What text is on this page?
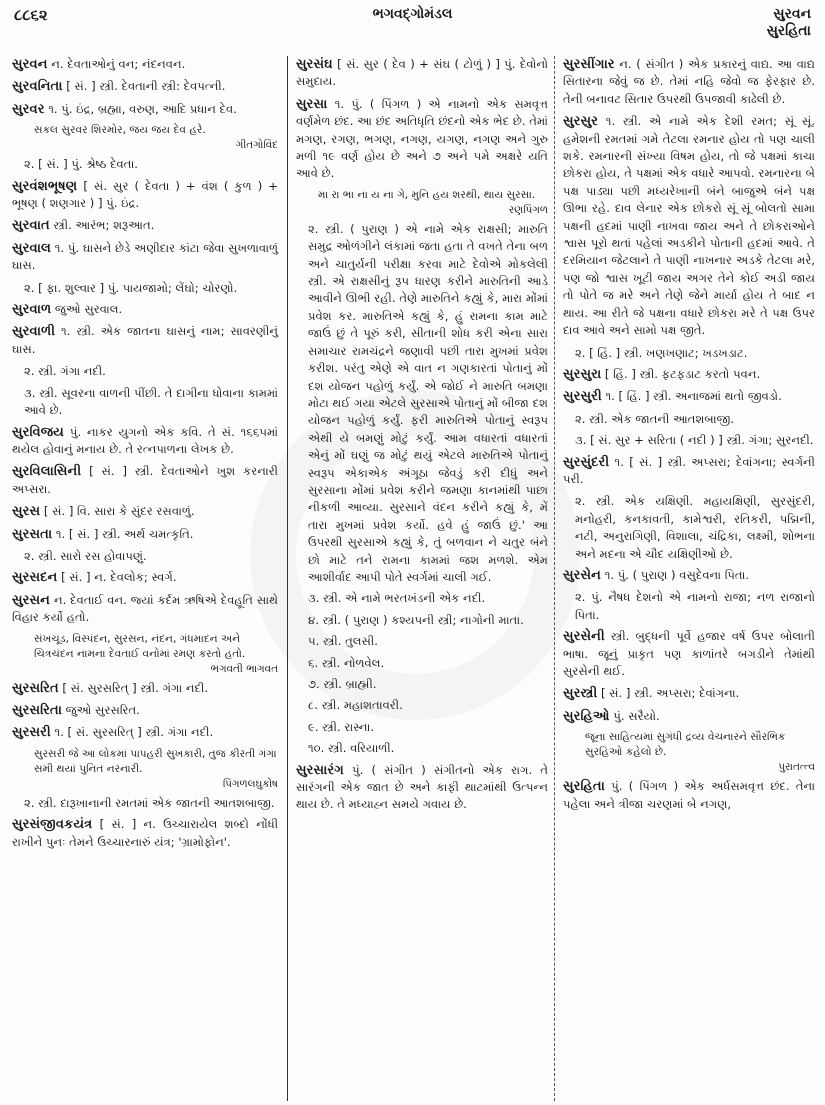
૮૮૬૨	ભગવદ્ગોમંડલ	સુરવન
સુરહિતા
સુરવન ન. દેવતાઓનું વન; નંદનવન.
સુરવનિતા [ સં. ] સ્ત્રી. દેવતાની સ્ત્રી: દેવપત્ની.
સુરવર ૧. પું. ઇંદ્ર, બ્રહ્મા, વરુણ, આદિ પ્રધાન દેવ.
સકલ સુરવર શિરમોર, જય જય દેવ હરે.
ગીતગોવિંદ
૨. [ સં. ] પું. શ્રેષ્ઠ દેવતા.
સુરવંશભૂષણ [ સં. સુર ( દેવતા ) + વંશ ( કુળ ) + ભૂષણ ( શણગાર ) ] પું. ઇંદ્ર.
સુરવાત સ્ત્રી. આરંભ; શરૂઆત.
સુરવાલ ૧. પું. ઘાસને છેડે અણીદાર કાંટા જેવા સુખળાવાળું ઘાસ.
૨. [ ફા. શુલ્વાર ] પું. પાયજામો; લેંઘો; ચોરણો.
સુરવાળ જુઓ સુરવાલ.
સુરવાળી ૧. સ્ત્રી. એક જાતના ઘાસનું નામ; સાવરણીનું ઘાસ.
૨. સ્ત્રી. ગંગા નદી.
૩. સ્ત્રી. સૂવરના વાળની પીંછી. તે દાગીના ધોવાના કામમાં આવે છે.
સુરવિજય પું. નાકર યુગનો એક કવિ. તે સં. ૧૬૬૫માં થયેલ હોવાનું મનાય છે. તે રત્નપાળના લેખક છે.
સુરવિલાસિની [ સં. ] સ્ત્રી. દેવતાઓને ખુશ કરનારી અપ્સરા.
સુરસ [ સં. ] વિ. સારા કે સુંદર રસવાળું.
સુરસતા ૧. [ સં. ] સ્ત્રી. અર્થ ચમત્કૃતિ.
૨. સ્ત્રી. સારો રસ હોવાપણું.
સુરસદન [ સં. ] ન. દેવલોક; સ્વર્ગ.
સુરસન ન. દેવતાઈ વન. જ્યાં કર્દમ ઋષિએ દેવહૂતિ સાથે વિહાર કર્યો હતો.
સંખચૂડ, વિસ્પંદન, સુરસન, નંદન, ગંધમાદન અને ચિત્રચંદન નામના દેવતાઈ વનોમાં રમણ કરતો હતો.
ભગવતી ભાગવત
સુરસરિત [ સં. સુરસરિત્ ] સ્ત્રી. ગંગા નદી.
સુરસરિતા જુઓ સુરસરિત.
સુરસરી ૧. [ સં. સુરસરિત્ ] સ્ત્રી. ગંગા નદી.
સુરસરી જે આ લોકમાં પાપહરી સુખકારી, તુજ કીરતી ગંગા સમી થયાં પુનિત નરનારી.
પિંગળલઘુકોષ
૨. સ્ત્રી. દારૂખાનાની રમતમાં એક જાતની આતશબાજી.
સુરસંજીવકયંત્ર [ સં. ] ન. ઉચ્ચારાયેલ શબ્દો નોંધી રાખીને પુનઃ તેમને ઉચ્ચારનારું યંત્ર; 'ગ્રામોફોન'.
સુરસંઘ [ સં. સુર ( દેવ ) + સંઘ ( ટોળું ) ] પું. દેવોનો સમુદાય.
સુરસા ૧. પું. ( પિંગળ ) એ નામનો એક સમવૃત્ત વર્ણમેળ છંદ. આ છંદ અતિધૃતિ છંદનો એક ભેદ છે. તેમાં મગણ, રગણ, ભગણ, નગણ, યગણ, નગણ અને ગુરુ મળી ૧૯ વર્ણ હોય છે અને ૭ અને ૫મે અક્ષરે યતિ આવે છે.
મા રા ભા ના ય ના ગે, મુનિ હય શરથી, થાય સુરસા.
રણપિંગળ
૨. સ્ત્રી. ( પુરાણ ) એ નામે એક રાક્ષસી; મારુતિ સમુદ્ર ઓળંગીને લંકામાં જતા હતા તે વખતે તેના બળ અને ચાતુર્યની પરીક્ષા કરવા માટે દેવોએ મોકલેલી સ્ત્રી. એ રાક્ષસીનું રૂપ ધારણ કરીને મારુતિની આડે આવીને ઊભી રહી. તેણે મારુતિને કહ્યું કે, મારા મોંમાં પ્રવેશ કર. મારુતિએ કહ્યું કે, હું રામના કામ માટે જાઉં છું તે પૂરું કરી, સીતાની શોધ કરી એના સારા સમાચાર રામચંદ્રને જણાવી પછી તારા મુખમાં પ્રવેશ કરીશ. પરંતુ એણે એ વાત ન ગણકારતાં પોતાનું મોં દશ યોજન પહોળું કર્યું. એ જોઈ ને મારુતિ બમણા મોટા થઈ ગયા એટલે સુરસાએ પોતાનું મોં બીજા દશ યોજન પહોળું કર્યું. ફરી મારુતિએ પોતાનું સ્વરૂપ એથી યે બમણું મોટું કર્યું. આમ વધારતાં વધારતાં એનું મોં ઘણું જ મોટું થયું એટલે મારુતિએ પોતાનું સ્વરૂપ એકાએક અંગૂઠા જેવડું કરી દીધું અને સુરસાના મોંમાં પ્રવેશ કરીને જમણા કાનમાંથી પાછા નીકળી આવ્યા. સુરસાને વંદન કરીને કહ્યું કે, મેં તારા મુખમાં પ્રવેશ કર્યો. હવે હું જાઉં છું.' આ ઉપરથી સુરસાએ કહ્યું કે, તું બળવાન ને ચતુર બંને છો માટે તને રામના કામમાં જશ મળશે. એમ આશીર્વાદ આપી પોતે સ્વર્ગમાં ચાલી ગઈ.
૩. સ્ત્રી. એ નામે ભરતખંડની એક નદી.
૪. સ્ત્રી. ( પુરાણ ) કશ્યપની સ્ત્રી; નાગોની માતા.
૫. સ્ત્રી. તુલસી.
૬. સ્ત્રી. નોળવેલ.
૭. સ્ત્રી. બ્રાહ્મી.
૮. સ્ત્રી. મહાશતાવરી.
૯. સ્ત્રી. રાસ્ના.
૧૦. સ્ત્રી. વરિયાળી.
સુરસારંગ પું. ( સંગીત ) સંગીતનો એક રાગ. તે સારંગની એક જાત છે અને કાફી થાટમાંથી ઉત્પન્ન થાય છે. તે મધ્યાહ્ન સમયે ગવાય છે.
સુરસીંગાર ન. ( સંગીત ) એક પ્રકારનું વાદ્ય. આ વાદ્ય સિતારના જેવું જ છે. તેમાં નહિ જેવો જ ફેરફાર છે. તેની બનાવટ સિતાર ઉપરથી ઉપજાવી કાઢેલી છે.
સુરસુર ૧. સ્ત્રી. એ નામે એક દેશી રમત; સૂં સૂં. હમેશની રમતમાં ગમે તેટલા રમનાર હોય તો પણ ચાલી શકે. રમનારની સંખ્યા વિષમ હોય, તો જે પક્ષમાં કાચા છોકરા હોય, તે પક્ષમાં એક વધારે આપવો. રમનારના બે પક્ષ પાડ્યા પછી મધ્યરેખાની બંને બાજુએ બંને પક્ષ ઊભા રહે. દાવ લેનાર એક છોકરો સૂં સૂં બોલતો સામા પક્ષની હદમાં પાણી નાખવા જાય અને તે છોકરાઓને શ્વાસ પૂરો થતાં પહેલાં અડકીને પોતાની હદમાં આવે. તે દરમિયાન જેટલાને તે પાણી નાખનાર અડકે તેટલા મરે, પણ જો શ્વાસ ખૂટી જાય અગર તેને કોઈ અડી જાય તો પોતે જ મરે અને તેણે જેને માર્યા હોય તે બાદ ન થાય. આ રીતે જે પક્ષના વધારે છોકરા મરે તે પક્ષ ઉપર દાવ આવે અને સામો પક્ષ જીતે.
૨. [ હિં. ] સ્ત્રી. ખણખણાટ; ખડખડાટ.
સુરસુરા [ હિં. ] સ્ત્રી. ફટફડાટ કરતો પવન.
સુરસુરી ૧. [ હિં. ] સ્ત્રી. અનાજમાં થતો જીવડો.
૨. સ્ત્રી. એક જાતની આતશબાજી.
૩. [ સં. સુર + સરિતા ( નદી ) ] સ્ત્રી. ગંગા; સુરનદી.
સુરસુંદરી ૧. [ સં. ] સ્ત્રી. અપ્સરા; દેવાંગના; સ્વર્ગની પરી.
૨. સ્ત્રી. એક યક્ષિણી. મહાયક્ષિણી, સુરસુંદરી, મનોહરી, કનકાવતી, કામેશ્વરી, રતિકરી, પદ્મિની, નટી, અનુરાગિણી, વિશાલા, ચંદ્રિકા, લક્ષ્મી, શોભના અને મદના એ ચૌદ યક્ષિણીઓ છે.
સુરસેન ૧. પું. ( પુરાણ ) વસુદેવના પિતા.
૨. પું. નૈષધ દેશનો એ નામનો રાજા; નળ રાજાનો પિતા.
સુરસેની સ્ત્રી. બુદ્ધની પૂર્વે હજાર વર્ષ ઉપર બોલાતી ભાષા. જૂનું પ્રાકૃત પણ કાળાંતરે બગડીને તેમાંથી સુરસેની થઈ.
સુરસ્ત્રી [ સં. ] સ્ત્રી. અપ્સરા; દેવાંગના.
સુરહિઓ પું. સરૈયો.
જૂના સાહિત્યમાં સુગંધી દ્રવ્ય વેચનારને સૌરભિક સુરહિઓ કહેલો છે.
પુરાતત્ત્વ
સુરહિતા પું. ( પિંગળ ) એક અર્ધસમવૃત્ત છંદ. તેના પહેલા અને ત્રીજા ચરણમાં બે નગણ,
